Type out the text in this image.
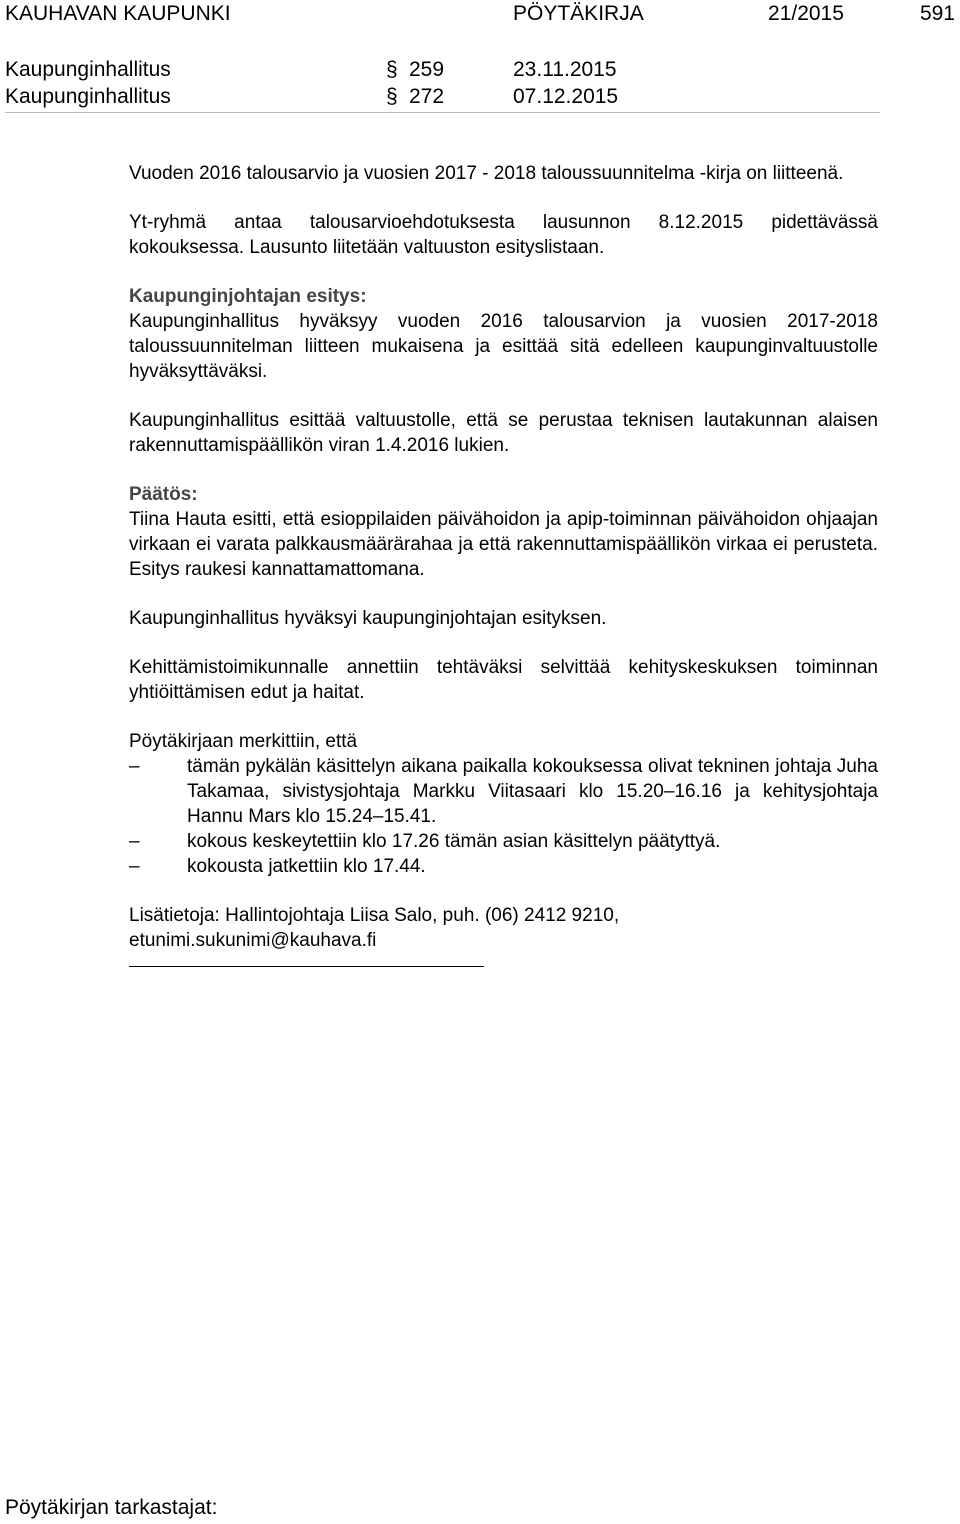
KAUHAVAN KAUPUNKI	PÖYTÄKIRJA	21/2015	591
Kaupunginhallitus	§ 259	23.11.2015
Kaupunginhallitus	§ 272	07.12.2015

Vuoden 2016 talousarvio ja vuosien 2017 - 2018 taloussuunnitelma -kirja on liitteenä.

Yt-ryhmä antaa talousarvioehdotuksesta lausunnon 8.12.2015 pidettävässä kokouksessa. Lausunto liitetään valtuuston esityslistaan.

Kaupunginjohtajan esitys:

Kaupunginhallitus hyväksyy vuoden 2016 talousarvion ja vuosien 2017-2018 taloussuunnitelman liitteen mukaisena ja esittää sitä edelleen kaupunginvaltuustolle hyväksyttäväksi.

Kaupunginhallitus esittää valtuustolle, että se perustaa teknisen lautakunnan alaisen rakennuttamispäällikön viran 1.4.2016 lukien.

Päätös:

Tiina Hauta esitti, että esioppilaiden päivähoidon ja apip-toiminnan päivähoidon ohjaajan virkaan ei varata palkkausmäärärahaa ja että rakennuttamispäällikön virkaa ei perusteta. Esitys raukesi kannattamattomana.

Kaupunginhallitus hyväksyi kaupunginjohtajan esityksen.

Kehittämistoimikunnalle annettiin tehtäväksi selvittää kehityskeskuksen toiminnan yhtiöittämisen edut ja haitat.

Pöytäkirjaan merkittiin, että
–	tämän pykälän käsittelyn aikana paikalla kokouksessa olivat tekninen johtaja Juha Takamaa, sivistysjohtaja Markku Viitasaari klo 15.20–16.16 ja kehitysjohtaja Hannu Mars klo 15.24–15.41.
–	kokous keskeytettiin klo 17.26 tämän asian käsittelyn päätyttyä.
–	kokousta jatkettiin klo 17.44.
Lisätietoja: Hallintojohtaja Liisa Salo, puh. (06) 2412 9210, etunimi.sukunimi@kauhava.fi
Pöytäkirjan tarkastajat:
